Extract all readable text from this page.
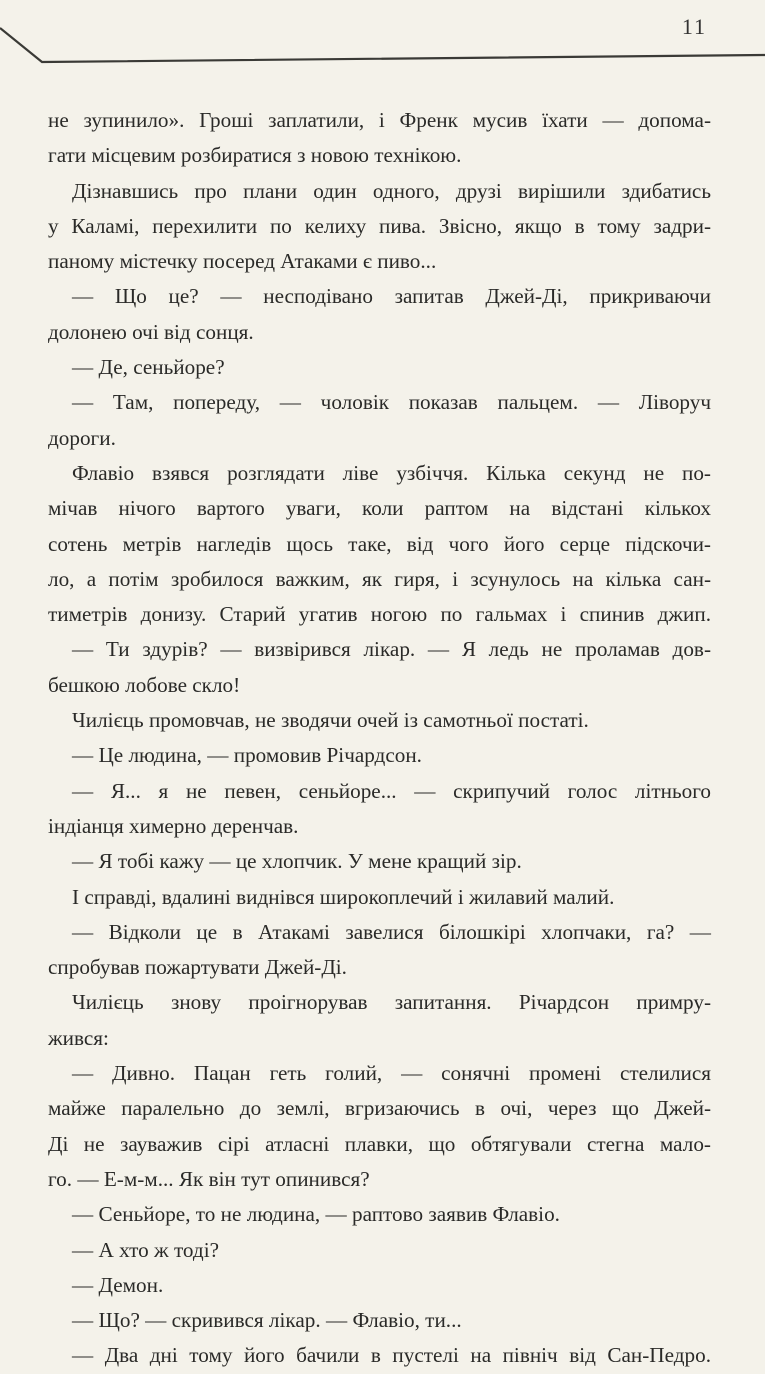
11
не зупинило». Гроші заплатили, і Френк мусив їхати — допома-
гати місцевим розбиратися з новою технікою.
Дізнавшись про плани один одного, друзі вирішили здибатись
у Каламі, перехилити по келиху пива. Звісно, якщо в тому задри-
паному містечку посеред Атаками є пиво...
— Що це? — несподівано запитав Джей-Ді, прикриваючи
долонею очі від сонця.
— Де, сеньйоре?
— Там, попереду, — чоловік показав пальцем. — Ліворуч
дороги.
Флавіо взявся розглядати ліве узбіччя. Кілька секунд не по-
мічав нічого вартого уваги, коли раптом на відстані кількох
сотень метрів нагледів щось таке, від чого його серце підскочи-
ло, а потім зробилося важким, як гиря, і зсунулось на кілька сан-
тиметрів донизу. Старий угатив ногою по гальмах і спинив джип.
— Ти здурів? — визвірився лікар. — Я ледь не проламав дов-
бешкою лобове скло!
Чилієць промовчав, не зводячи очей із самотньої постаті.
— Це людина, — промовив Річардсон.
— Я... я не певен, сеньйоре... — скрипучий голос літнього
індіанця химерно деренчав.
— Я тобі кажу — це хлопчик. У мене кращий зір.
І справді, вдалині виднівся широкоплечий і жилавий малий.
— Відколи це в Атакамі завелися білошкірі хлопчаки, га? —
спробував пожартувати Джей-Ді.
Чилієць знову проігнорував запитання. Річардсон примру-
жився:
— Дивно. Пацан геть голий, — сонячні промені стелилися
майже паралельно до землі, вгризаючись в очі, через що Джей-
Ді не зауважив сірі атласні плавки, що обтягували стегна мало-
го. — Е-м-м... Як він тут опинився?
— Сеньйоре, то не людина, — раптово заявив Флавіо.
— А хто ж тоді?
— Демон.
— Що? — скривився лікар. — Флавіо, ти...
— Два дні тому його бачили в пустелі на північ від Сан-Педро.
